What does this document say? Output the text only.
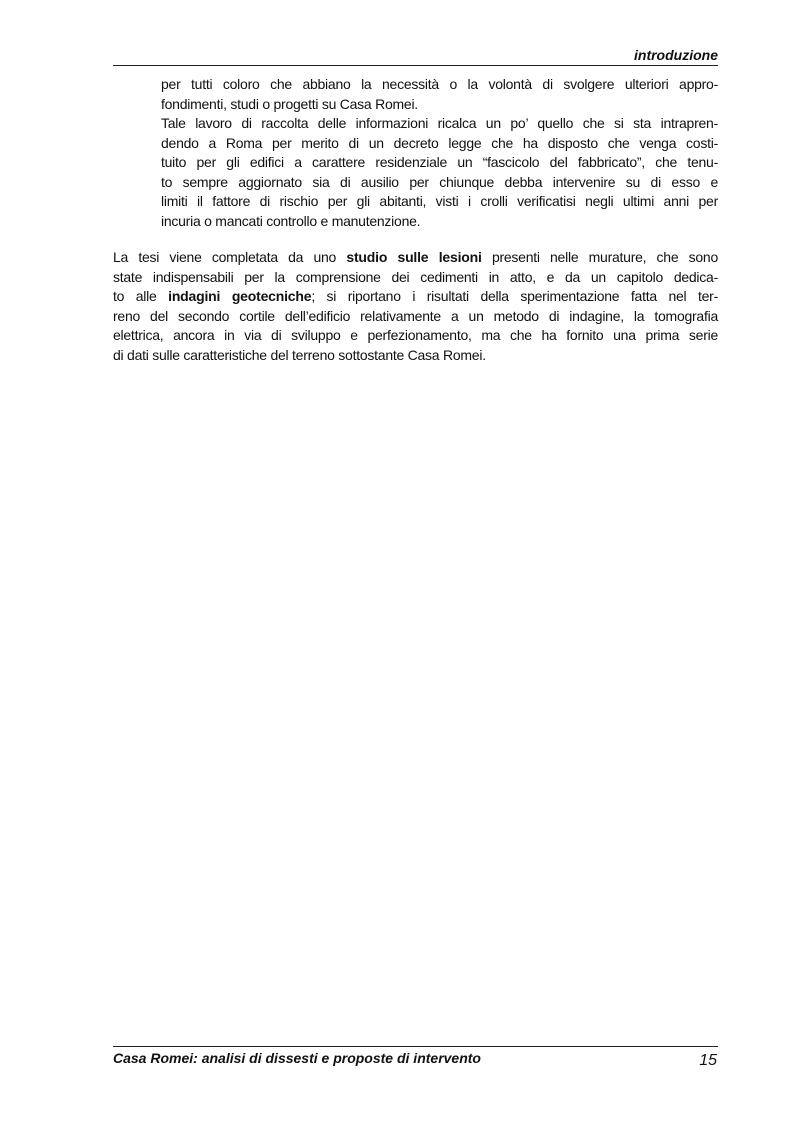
introduzione
per tutti coloro che abbiano la necessità o la volontà di svolgere ulteriori appro-
fondimenti, studi o progetti su Casa Romei.
Tale lavoro di raccolta delle informazioni ricalca un po’ quello che si sta intrapren-
dendo a Roma per merito di un decreto legge che ha disposto che venga costi-
tuito per gli edifici a carattere residenziale un “fascicolo del fabbricato”, che tenu-
to sempre aggiornato sia di ausilio per chiunque debba intervenire su di esso e
limiti il fattore di rischio per gli abitanti, visti i crolli verificatisi negli ultimi anni per
incuria o mancati controllo e manutenzione.
La tesi viene completata da uno studio sulle lesioni presenti nelle murature, che sono
state indispensabili per la comprensione dei cedimenti in atto, e da un capitolo dedica-
to alle indagini geotecniche; si riportano i risultati della sperimentazione fatta nel ter-
reno del secondo cortile dell’edificio relativamente a un metodo di indagine, la tomografia
elettrica, ancora in via di sviluppo e perfezionamento, ma che ha fornito una prima serie
di dati sulle caratteristiche del terreno sottostante Casa Romei.
Casa Romei: analisi di dissesti e proposte di intervento	15
